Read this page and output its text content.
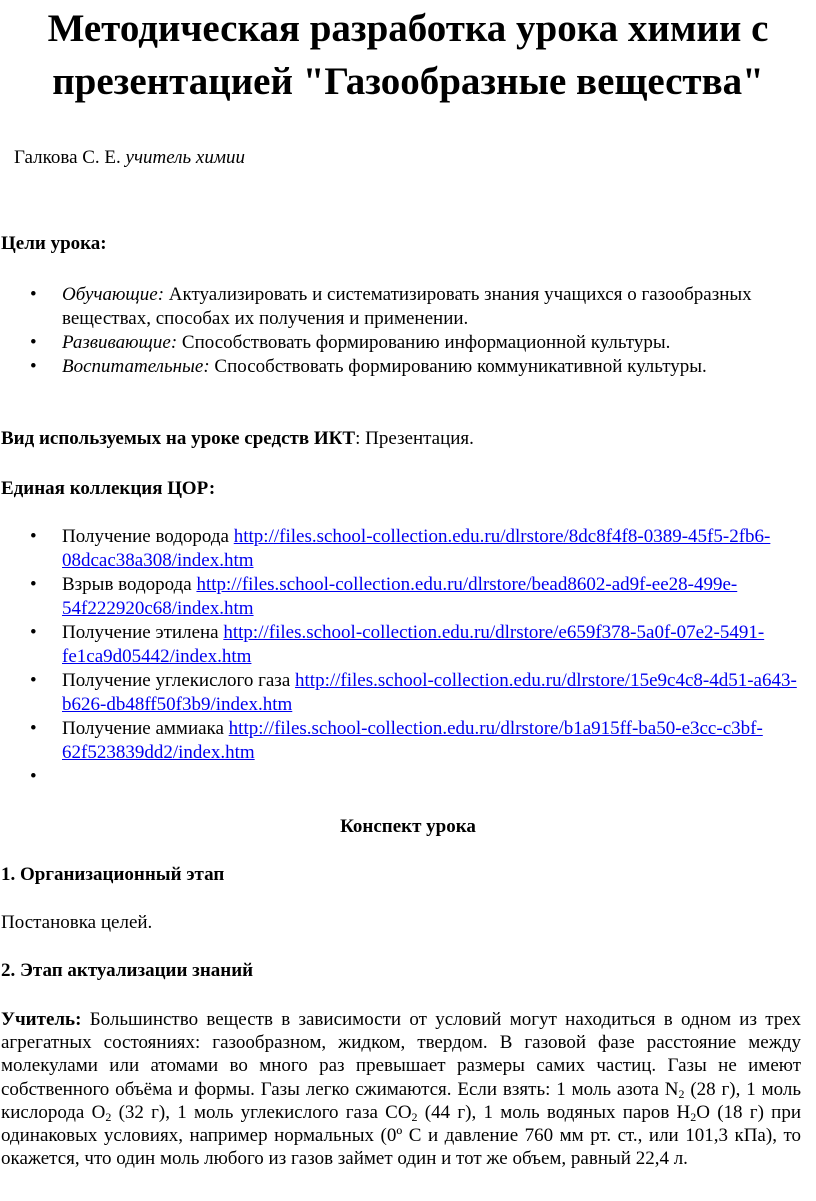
Методическая разработка урока химии с презентацией "Газообразные вещества"
Галкова С. Е. учитель химии
Цели урока:
• Обучающие: Актуализировать и систематизировать знания учащихся о газообразных веществах, способах их получения и применении.
• Развивающие: Способствовать формированию информационной культуры.
• Воспитательные: Способствовать формированию коммуникативной культуры.
Вид используемых на уроке средств ИКТ: Презентация.
Единая коллекция ЦОР:
• Получение водорода http://files.school-collection.edu.ru/dlrstore/8dc8f4f8-0389-45f5-2fb6-08dcac38a308/index.htm
• Взрыв водорода http://files.school-collection.edu.ru/dlrstore/bead8602-ad9f-ee28-499e-54f222920c68/index.htm
• Получение этилена http://files.school-collection.edu.ru/dlrstore/e659f378-5a0f-07e2-5491-fe1ca9d05442/index.htm
• Получение углекислого газа http://files.school-collection.edu.ru/dlrstore/15e9c4c8-4d51-a643-b626-db48ff50f3b9/index.htm
• Получение аммиака http://files.school-collection.edu.ru/dlrstore/b1a915ff-ba50-e3cc-c3bf-62f523839dd2/index.htm
•
Конспект урока
1. Организационный этап
Постановка целей.
2. Этап актуализации знаний
Учитель: Большинство веществ в зависимости от условий могут находиться в одном из трех агрегатных состояниях: газообразном, жидком, твердом. В газовой фазе расстояние между молекулами или атомами во много раз превышает размеры самих частиц. Газы не имеют собственного объёма и формы. Газы легко сжимаются. Если взять: 1 моль азота $N_2$ (28 г), 1 моль кислорода $O_2$ (32 г), 1 моль углекислого газа $CO_2$ (44 г), 1 моль водяных паров $H_2O$ (18 г) при одинаковых условиях, например нормальных (0º С и давление 760 мм рт. ст., или 101,3 кПа), то окажется, что один моль любого из газов займет один и тот же объем, равный 22,4 л.
